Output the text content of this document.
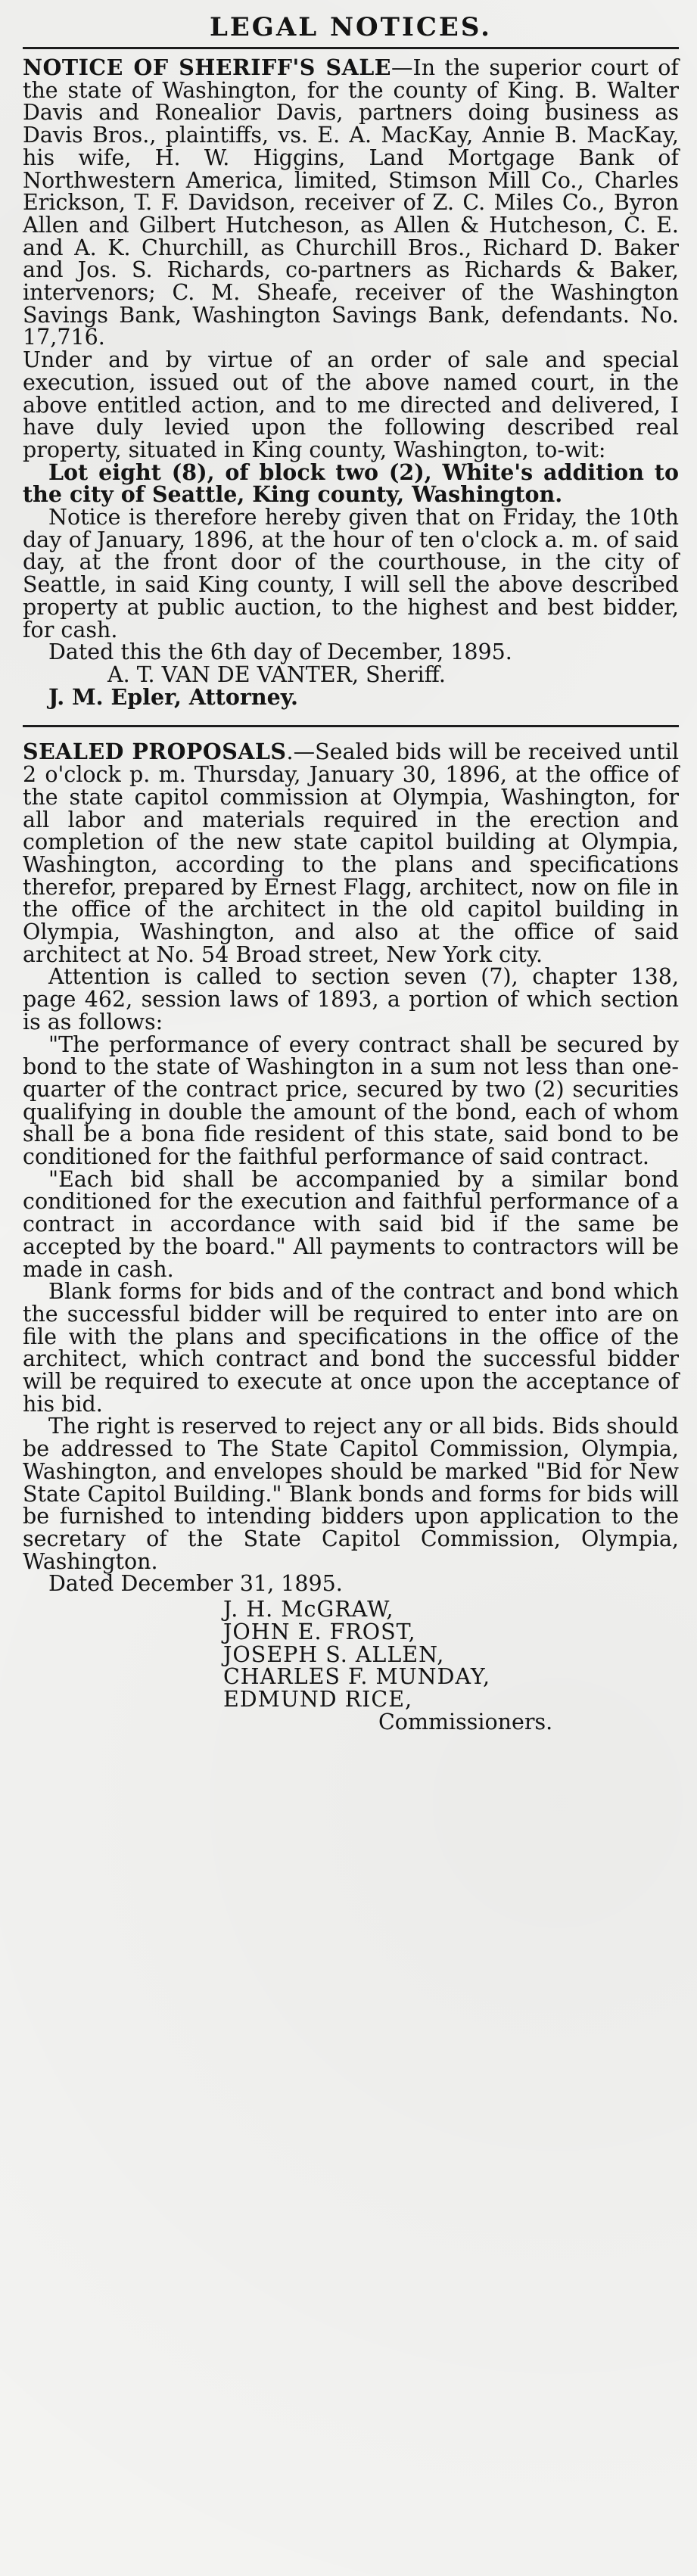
LEGAL NOTICES.

NOTICE OF SHERIFF'S SALE—In the superior court of the state of Washington, for the county of King. B. Walter Davis and Ronealior Davis, partners doing business as Davis Bros., plaintiffs, vs. E. A. MacKay, Annie B. MacKay, his wife, H. W. Higgins, Land Mortgage Bank of Northwestern America, limited, Stimson Mill Co., Charles Erickson, T. F. Davidson, receiver of Z. C. Miles Co., Byron Allen and Gilbert Hutcheson, as Allen & Hutcheson, C. E. and A. K. Churchill, as Churchill Bros., Richard D. Baker and Jos. S. Richards, co-partners as Richards & Baker, intervenors; C. M. Sheafe, receiver of the Washington Savings Bank, Washington Savings Bank, defendants. No. 17,716.

Under and by virtue of an order of sale and special execution, issued out of the above named court, in the above entitled action, and to me directed and delivered, I have duly levied upon the following described real property, situated in King county, Washington, to-wit:

Lot eight (8), of block two (2), White's addition to the city of Seattle, King county, Washington.

Notice is therefore hereby given that on Friday, the 10th day of January, 1896, at the hour of ten o'clock a. m. of said day, at the front door of the courthouse, in the city of Seattle, in said King county, I will sell the above described property at public auction, to the highest and best bidder, for cash.

Dated this the 6th day of December, 1895.

A. T. VAN DE VANTER, Sheriff.

J. M. Epler, Attorney.

SEALED PROPOSALS.—Sealed bids will be received until 2 o'clock p. m. Thursday, January 30, 1896, at the office of the state capitol commission at Olympia, Washington, for all labor and materials required in the erection and completion of the new state capitol building at Olympia, Washington, according to the plans and specifications therefor, prepared by Ernest Flagg, architect, now on file in the office of the architect in the old capitol building in Olympia, Washington, and also at the office of said architect at No. 54 Broad street, New York city.

Attention is called to section seven (7), chapter 138, page 462, session laws of 1893, a portion of which section is as follows:

"The performance of every contract shall be secured by bond to the state of Washington in a sum not less than one-quarter of the contract price, secured by two (2) securities qualifying in double the amount of the bond, each of whom shall be a bona fide resident of this state, said bond to be conditioned for the faithful performance of said contract.

"Each bid shall be accompanied by a similar bond conditioned for the execution and faithful performance of a contract in accordance with said bid if the same be accepted by the board." All payments to contractors will be made in cash.

Blank forms for bids and of the contract and bond which the successful bidder will be required to enter into are on file with the plans and specifications in the office of the architect, which contract and bond the successful bidder will be required to execute at once upon the acceptance of his bid.

The right is reserved to reject any or all bids. Bids should be addressed to The State Capitol Commission, Olympia, Washington, and envelopes should be marked "Bid for New State Capitol Building." Blank bonds and forms for bids will be furnished to intending bidders upon application to the secretary of the State Capitol Commission, Olympia, Washington.

Dated December 31, 1895.

J. H. McGRAW,
JOHN E. FROST,
JOSEPH S. ALLEN,
CHARLES F. MUNDAY,
EDMUND RICE,
Commissioners.
